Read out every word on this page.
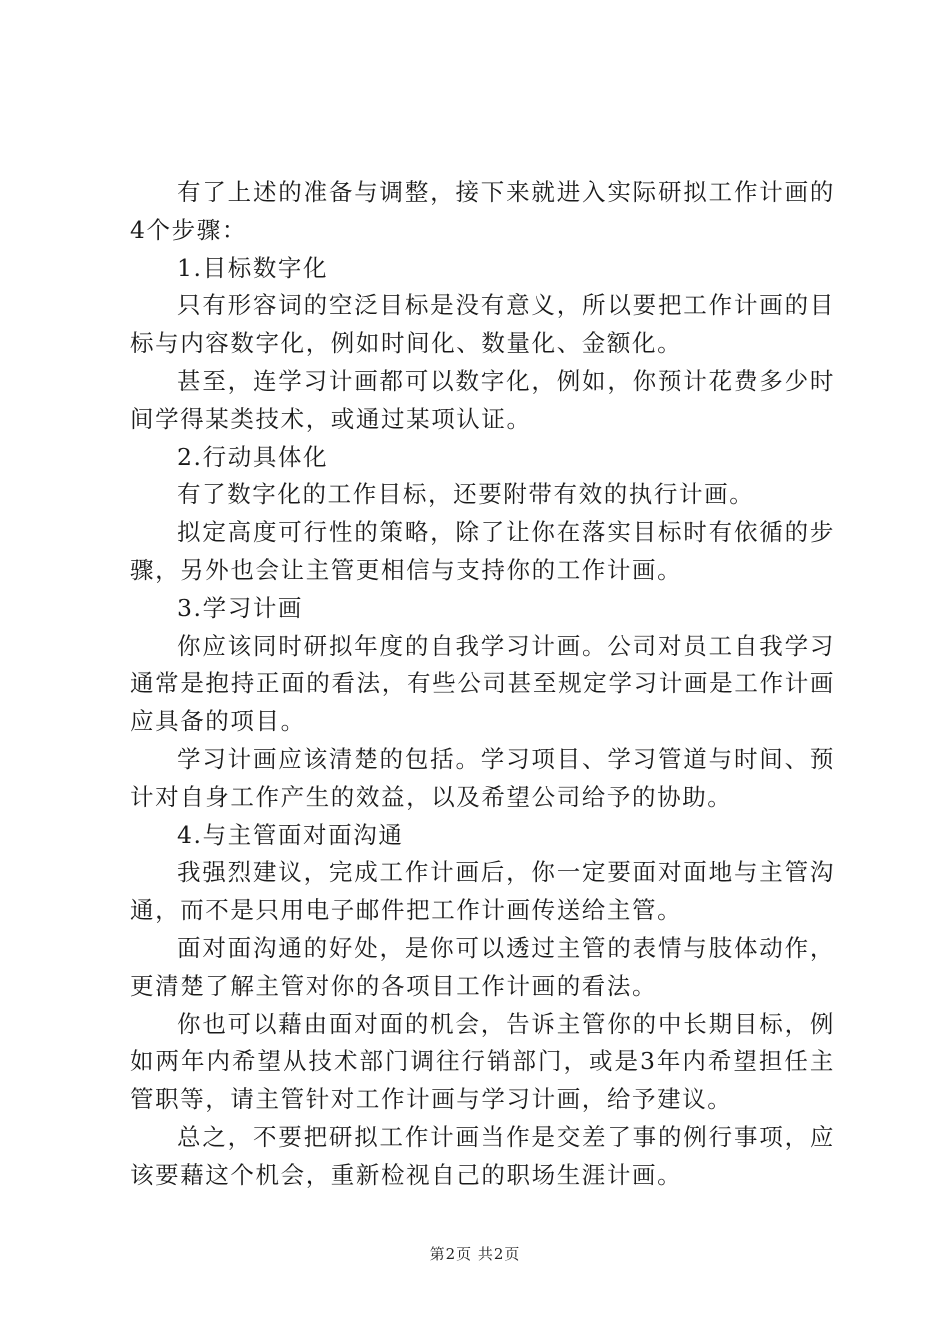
有了上述的准备与调整，接下来就进入实际研拟工作计画的4个步骤：

1.目标数字化

只有形容词的空泛目标是没有意义，所以要把工作计画的目标与内容数字化，例如时间化、数量化、金额化。

甚至，连学习计画都可以数字化，例如，你预计花费多少时间学得某类技术，或通过某项认证。

2.行动具体化

有了数字化的工作目标，还要附带有效的执行计画。

拟定高度可行性的策略，除了让你在落实目标时有依循的步骤，另外也会让主管更相信与支持你的工作计画。

3.学习计画

你应该同时研拟年度的自我学习计画。公司对员工自我学习通常是抱持正面的看法，有些公司甚至规定学习计画是工作计画应具备的项目。

学习计画应该清楚的包括。学习项目、学习管道与时间、预计对自身工作产生的效益，以及希望公司给予的协助。

4.与主管面对面沟通

我强烈建议，完成工作计画后，你一定要面对面地与主管沟通，而不是只用电子邮件把工作计画传送给主管。

面对面沟通的好处，是你可以透过主管的表情与肢体动作，更清楚了解主管对你的各项目工作计画的看法。

你也可以藉由面对面的机会，告诉主管你的中长期目标，例如两年内希望从技术部门调往行销部门，或是3年内希望担任主管职等，请主管针对工作计画与学习计画，给予建议。

总之，不要把研拟工作计画当作是交差了事的例行事项，应该要藉这个机会，重新检视自己的职场生涯计画。

第2页 共2页
